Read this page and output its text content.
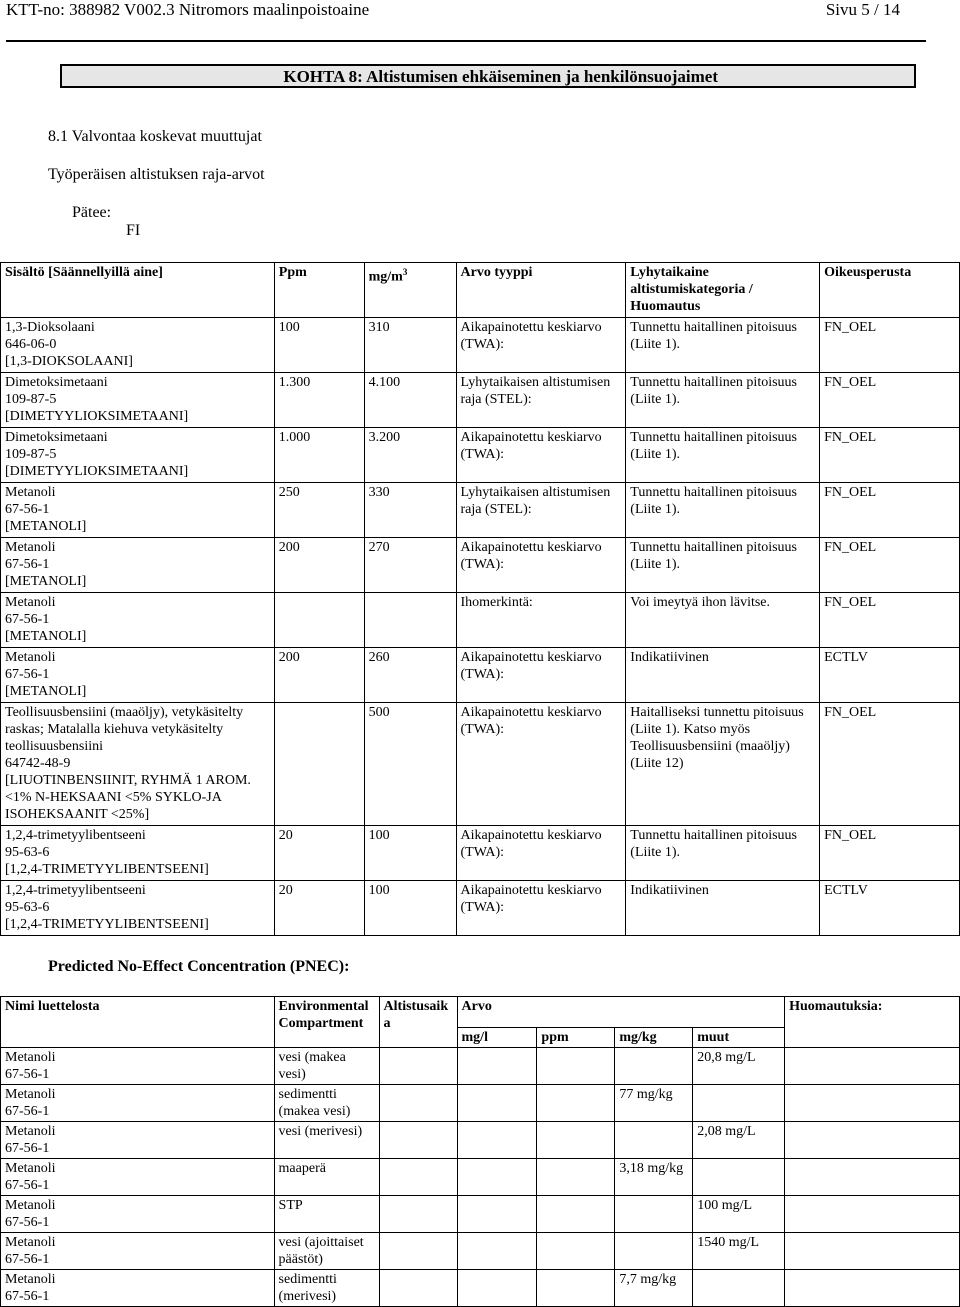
KTT-no: 388982 V002.3 Nitromors maalinpoistoaine	Sivu 5 / 14
KOHTA 8: Altistumisen ehkäiseminen ja henkilönsuojaimet
8.1 Valvontaa koskevat muuttujat
Työperäisen altistuksen raja-arvot
Pätee:
FI
Sisältö [Säännellyillä aine]	Ppm	$mg/m^3$	Arvo tyyppi	Lyhytaikaine altistumiskategoria / Huomautus	Oikeusperusta

1,3-Dioksolaani
646-06-0
[1,3-DIOKSOLAANI]	100	310	Aikapainotettu keskiarvo (TWA):	Tunnettu haitallinen pitoisuus (Liite 1).	FN_OEL

Dimetoksimetaani
109-87-5
[DIMETYYLIOKSIMETAANI]	1.300	4.100	Lyhytaikaisen altistumisen raja (STEL):	Tunnettu haitallinen pitoisuus (Liite 1).	FN_OEL

Dimetoksimetaani
109-87-5
[DIMETYYLIOKSIMETAANI]	1.000	3.200	Aikapainotettu keskiarvo (TWA):	Tunnettu haitallinen pitoisuus (Liite 1).	FN_OEL

Metanoli
67-56-1
[METANOLI]	250	330	Lyhytaikaisen altistumisen raja (STEL):	Tunnettu haitallinen pitoisuus (Liite 1).	FN_OEL

Metanoli
67-56-1
[METANOLI]	200	270	Aikapainotettu keskiarvo (TWA):	Tunnettu haitallinen pitoisuus (Liite 1).	FN_OEL

Metanoli
67-56-1
[METANOLI]			Ihomerkintä:	Voi imeytyä ihon lävitse.	FN_OEL

Metanoli
67-56-1
[METANOLI]	200	260	Aikapainotettu keskiarvo (TWA):	Indikatiivinen	ECTLV

Teollisuusbensiini (maaöljy), vetykäsitelty raskas; Matalalla kiehuva vetykäsitelty teollisuusbensiini
64742-48-9
[LIUOTINBENSIINIT, RYHMÄ 1 AROM. <1% N-HEKSAANI <5% SYKLO-JA ISOHEKSAANIT <25%]		500	Aikapainotettu keskiarvo (TWA):	Haitalliseksi tunnettu pitoisuus (Liite 1). Katso myös Teollisuusbensiini (maaöljy) (Liite 12)	FN_OEL

1,2,4-trimetyylibentseeni
95-63-6
[1,2,4-TRIMETYYLIBENTSEENI]	20	100	Aikapainotettu keskiarvo (TWA):	Tunnettu haitallinen pitoisuus (Liite 1).	FN_OEL

1,2,4-trimetyylibentseeni
95-63-6
[1,2,4-TRIMETYYLIBENTSEENI]	20	100	Aikapainotettu keskiarvo (TWA):	Indikatiivinen	ECTLV
Predicted No-Effect Concentration (PNEC):
Nimi luettelosta	Environmental Compartment	Altistusaik a	Arvo				Huomautuksia:
			mg/l	ppm	mg/kg	muut	

Metanoli
67-56-1	vesi (makea vesi)					20,8 mg/L	

Metanoli
67-56-1	sedimentti (makea vesi)				77 mg/kg		

Metanoli
67-56-1	vesi (merivesi)					2,08 mg/L	

Metanoli
67-56-1	maaperä				3,18 mg/kg		

Metanoli
67-56-1	STP					100 mg/L	

Metanoli
67-56-1	vesi (ajoittaiset päästöt)					1540 mg/L	

Metanoli
67-56-1	sedimentti (merivesi)				7,7 mg/kg		
